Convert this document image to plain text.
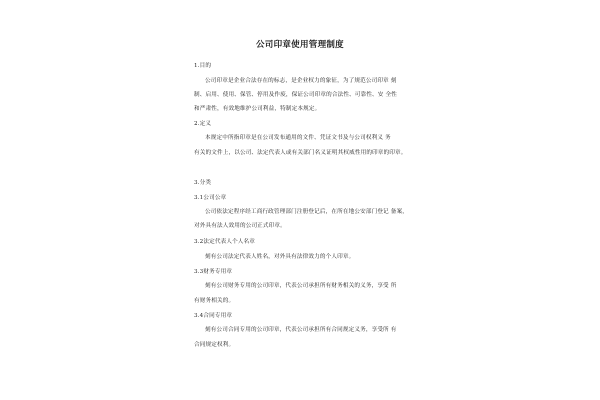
公司印章使用管理制度
1.目的
公司印章是企业合法存在的标志，是企业权力的象征，为了规范公司印章 刻
制、启用、使用、保管、停用及作废，保证公司印章的合法性、可靠性、安 全性
和严肃性，有效地维护公司利益，特制定本规定。
2.定义
本规定中所指印章是在公司发布通用的文件、凭证文书及与公司权利义 务
有关的文件上，以公司、法定代表人或有关部门名义证明其权威性用的印章的印章。
3.分类
3.1公司公章
公司依法定程序经工商行政管理部门注册登记后，在所在地公安部门登记 备案，
对外具有法人效用的公司正式印章。
3.2法定代表人个人名章
刻有公司法定代表人姓名，对外具有法律效力的个人印章。
3.3财务专用章
刻有公司财务专用的公司印章，代表公司承担所有财务相关的义务，享受 所
有财务相关的。
3.4合同专用章
刻有公司合同专用的公司印章，代表公司承担所有合同规定义务，享受所 有
合同规定权利。
